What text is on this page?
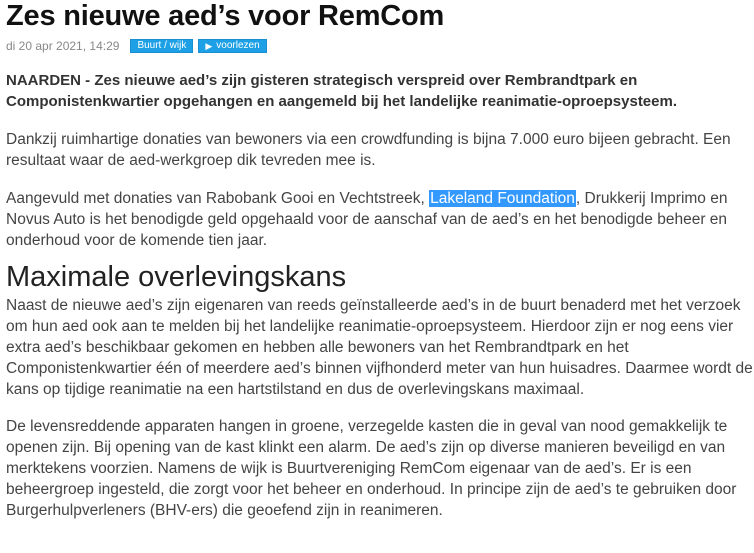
Zes nieuwe aed’s voor RemCom
di 20 apr 2021, 14:29 Buurt / wijk ▶ voorlezen

NAARDEN - Zes nieuwe aed’s zijn gisteren strategisch verspreid over Rembrandtpark en Componistenkwartier opgehangen en aangemeld bij het landelijke reanimatie-oproepsysteem.

Dankzij ruimhartige donaties van bewoners via een crowdfunding is bijna 7.000 euro bijeen gebracht. Een resultaat waar de aed-werkgroep dik tevreden mee is.

Aangevuld met donaties van Rabobank Gooi en Vechtstreek, Lakeland Foundation, Drukkerij Imprimo en Novus Auto is het benodigde geld opgehaald voor de aanschaf van de aed’s en het benodigde beheer en onderhoud voor de komende tien jaar.

Maximale overlevingskans

Naast de nieuwe aed’s zijn eigenaren van reeds geïnstalleerde aed’s in de buurt benaderd met het verzoek om hun aed ook aan te melden bij het landelijke reanimatie-oproepsysteem. Hierdoor zijn er nog eens vier extra aed’s beschikbaar gekomen en hebben alle bewoners van het Rembrandtpark en het Componistenkwartier één of meerdere aed’s binnen vijfhonderd meter van hun huisadres. Daarmee wordt de kans op tijdige reanimatie na een hartstilstand en dus de overlevingskans maximaal.

De levensreddende apparaten hangen in groene, verzegelde kasten die in geval van nood gemakkelijk te openen zijn. Bij opening van de kast klinkt een alarm. De aed’s zijn op diverse manieren beveiligd en van merktekens voorzien. Namens de wijk is Buurtvereniging RemCom eigenaar van de aed’s. Er is een beheergroep ingesteld, die zorgt voor het beheer en onderhoud. In principe zijn de aed’s te gebruiken door Burgerhulpverleners (BHV-ers) die geoefend zijn in reanimeren.
